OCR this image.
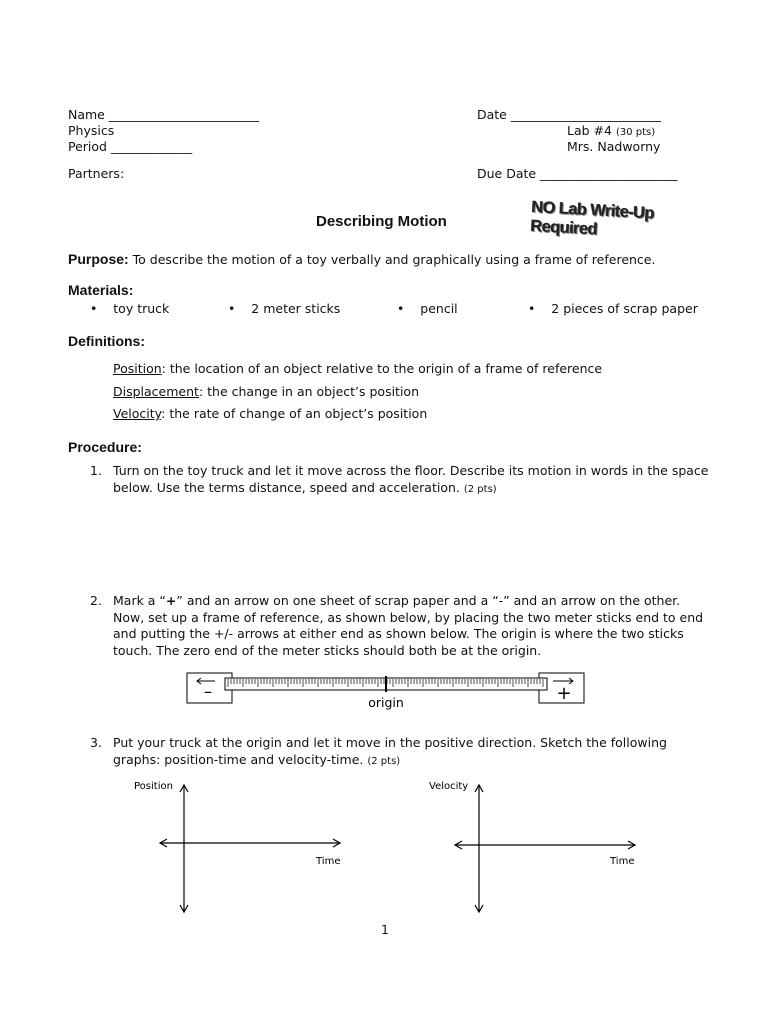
Name ________________________
Physics
Period _____________
Partners:
Date ________________________
Lab #4 (30 pts)
Mrs. Nadworny
Due Date ______________________
Describing Motion	NO Lab Write-Up Required
Purpose: To describe the motion of a toy verbally and graphically using a frame of reference.
Materials:
•    toy truck	•    2 meter sticks	•    pencil	•    2 pieces of scrap paper
Definitions:
Position: the location of an object relative to the origin of a frame of reference
Displacement: the change in an object’s position
Velocity: the rate of change of an object’s position
Procedure:
1. Turn on the toy truck and let it move across the floor. Describe its motion in words in the space below. Use the terms distance, speed and acceleration. (2 pts)
2. Mark a “+” and an arrow on one sheet of scrap paper and a “-” and an arrow on the other. Now, set up a frame of reference, as shown below, by placing the two meter sticks end to end and putting the +/- arrows at either end as shown below. The origin is where the two sticks touch. The zero end of the meter sticks should both be at the origin.
–	+
origin
Position
Time
Velocity
Time
3. Put your truck at the origin and let it move in the positive direction. Sketch the following graphs: position-time and velocity-time. (2 pts)
1
